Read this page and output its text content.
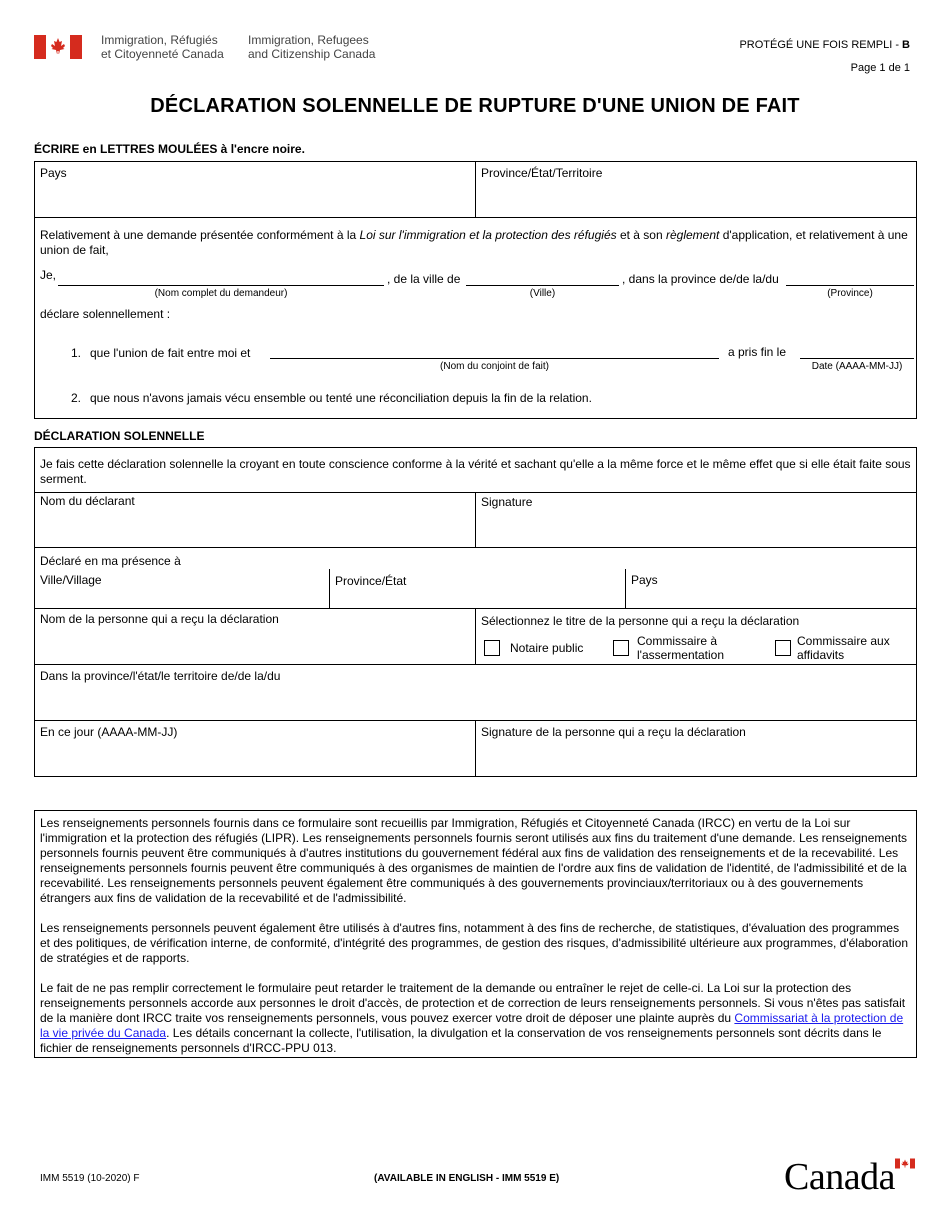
Immigration, Réfugiés
et Citoyenneté Canada
Immigration, Refugees
and Citizenship Canada
PROTÉGÉ UNE FOIS REMPLI - B
Page 1 de 1
DÉCLARATION SOLENNELLE DE RUPTURE D'UNE UNION DE FAIT
ÉCRIRE en LETTRES MOULÉES à l'encre noire.
Pays	Province/État/Territoire
Relativement à une demande présentée conformément à la Loi sur l'immigration et la protection des réfugiés et à son règlement d'application, et relativement à une union de fait,
Je,	, de la ville de	, dans la province de/de la/du
(Nom complet du demandeur)	(Ville)	(Province)
déclare solennellement :
1. que l'union de fait entre moi et	a pris fin le
(Nom du conjoint de fait)	Date (AAAA-MM-JJ)
2. que nous n'avons jamais vécu ensemble ou tenté une réconciliation depuis la fin de la relation.
DÉCLARATION SOLENNELLE
Je fais cette déclaration solennelle la croyant en toute conscience conforme à la vérité et sachant qu'elle a la même force et le même effet que si elle était faite sous serment.
Nom du déclarant	Signature
Déclaré en ma présence à
Ville/Village	Province/État	Pays
Nom de la personne qui a reçu la déclaration	Sélectionnez le titre de la personne qui a reçu la déclaration
Notaire public	Commissaire à
l'assermentation
Commissaire aux
affidavits
Dans la province/l'état/le territoire de/de la/du
En ce jour (AAAA-MM-JJ)	Signature de la personne qui a reçu la déclaration

Les renseignements personnels fournis dans ce formulaire sont recueillis par Immigration, Réfugiés et Citoyenneté Canada (IRCC) en vertu de la Loi sur l'immigration et la protection des réfugiés (LIPR). Les renseignements personnels fournis seront utilisés aux fins du traitement d'une demande. Les renseignements personnels fournis peuvent être communiqués à d'autres institutions du gouvernement fédéral aux fins de validation des renseignements et de la recevabilité. Les renseignements personnels fournis peuvent être communiqués à des organismes de maintien de l'ordre aux fins de validation de l'identité, de l'admissibilité et de la recevabilité. Les renseignements personnels peuvent également être communiqués à des gouvernements provinciaux/territoriaux ou à des gouvernements étrangers aux fins de validation de la recevabilité et de l'admissibilité.

Les renseignements personnels peuvent également être utilisés à d'autres fins, notamment à des fins de recherche, de statistiques, d'évaluation des programmes et des politiques, de vérification interne, de conformité, d'intégrité des programmes, de gestion des risques, d'admissibilité ultérieure aux programmes, d'élaboration de stratégies et de rapports.

Le fait de ne pas remplir correctement le formulaire peut retarder le traitement de la demande ou entraîner le rejet de celle-ci. La Loi sur la protection des renseignements personnels accorde aux personnes le droit d'accès, de protection et de correction de leurs renseignements personnels. Si vous n'êtes pas satisfait de la manière dont IRCC traite vos renseignements personnels, vous pouvez exercer votre droit de déposer une plainte auprès du Commissariat à la protection de la vie privée du Canada. Les détails concernant la collecte, l'utilisation, la divulgation et la conservation de vos renseignements personnels sont décrits dans le fichier de renseignements personnels d'IRCC-PPU 013.

IMM 5519 (10-2020) F	(AVAILABLE IN ENGLISH - IMM 5519 E)	Canada
